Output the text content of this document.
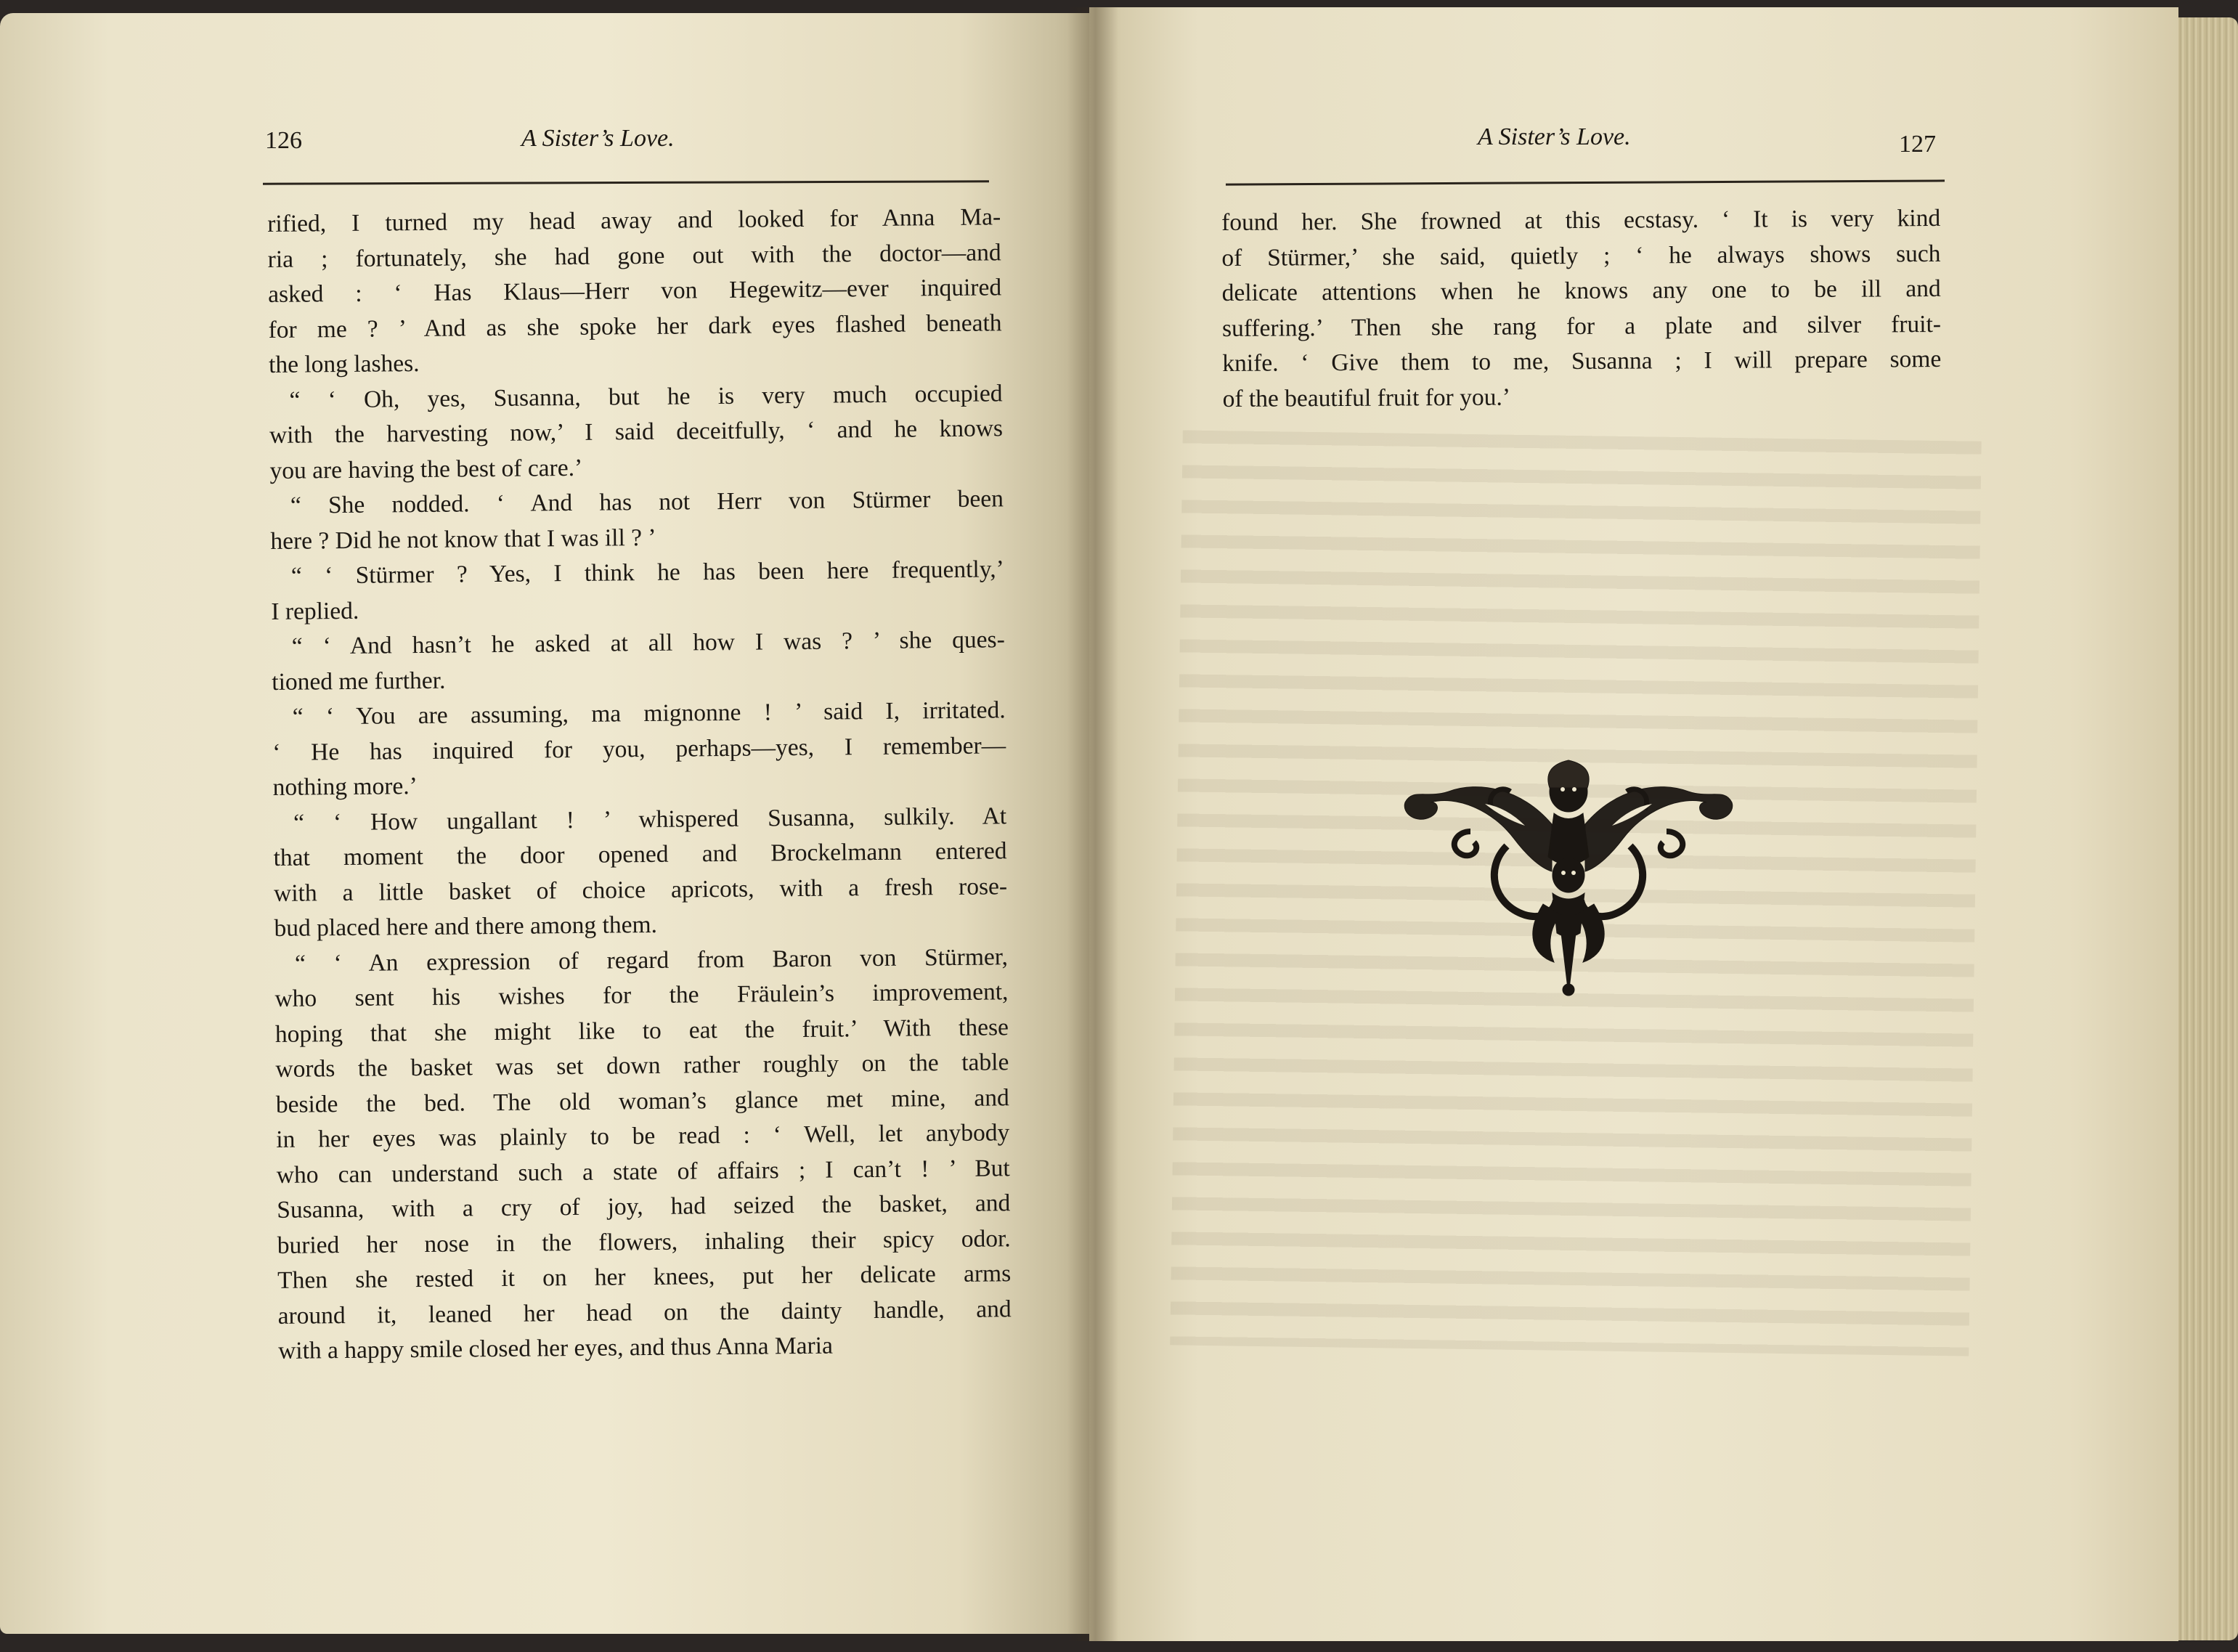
126	A Sister’s Love.
rified, I turned my head away and looked for Anna Ma-
ria ; fortunately, she had gone out with the doctor—and
asked : ‘ Has Klaus—Herr von Hegewitz—ever inquired
for me ? ’ And as she spoke her dark eyes flashed beneath
the long lashes.
“ ‘ Oh, yes, Susanna, but he is very much occupied
with the harvesting now,’ I said deceitfully, ‘ and he knows
you are having the best of care.’
“ She nodded. ‘ And has not Herr von Stürmer been
here ? Did he not know that I was ill ? ’
“ ‘ Stürmer ? Yes, I think he has been here frequently,’
I replied.
“ ‘ And hasn’t he asked at all how I was ? ’ she ques-
tioned me further.
“ ‘ You are assuming, ma mignonne ! ’ said I, irritated.
‘ He has inquired for you, perhaps—yes, I remember—
nothing more.’
“ ‘ How ungallant ! ’ whispered Susanna, sulkily. At
that moment the door opened and Brockelmann entered
with a little basket of choice apricots, with a fresh rose-
bud placed here and there among them.
“ ‘ An expression of regard from Baron von Stürmer,
who sent his wishes for the Fräulein’s improvement,
hoping that she might like to eat the fruit.’ With these
words the basket was set down rather roughly on the table
beside the bed. The old woman’s glance met mine, and
in her eyes was plainly to be read : ‘ Well, let anybody
who can understand such a state of affairs ; I can’t ! ’ But
Susanna, with a cry of joy, had seized the basket, and
buried her nose in the flowers, inhaling their spicy odor.
Then she rested it on her knees, put her delicate arms
around it, leaned her head on the dainty handle, and
with a happy smile closed her eyes, and thus Anna Maria
A Sister’s Love.	127
found her. She frowned at this ecstasy. ‘ It is very kind
of Stürmer,’ she said, quietly ; ‘ he always shows such
delicate attentions when he knows any one to be ill and
suffering.’ Then she rang for a plate and silver fruit-
knife. ‘ Give them to me, Susanna ; I will prepare some
of the beautiful fruit for you.’
